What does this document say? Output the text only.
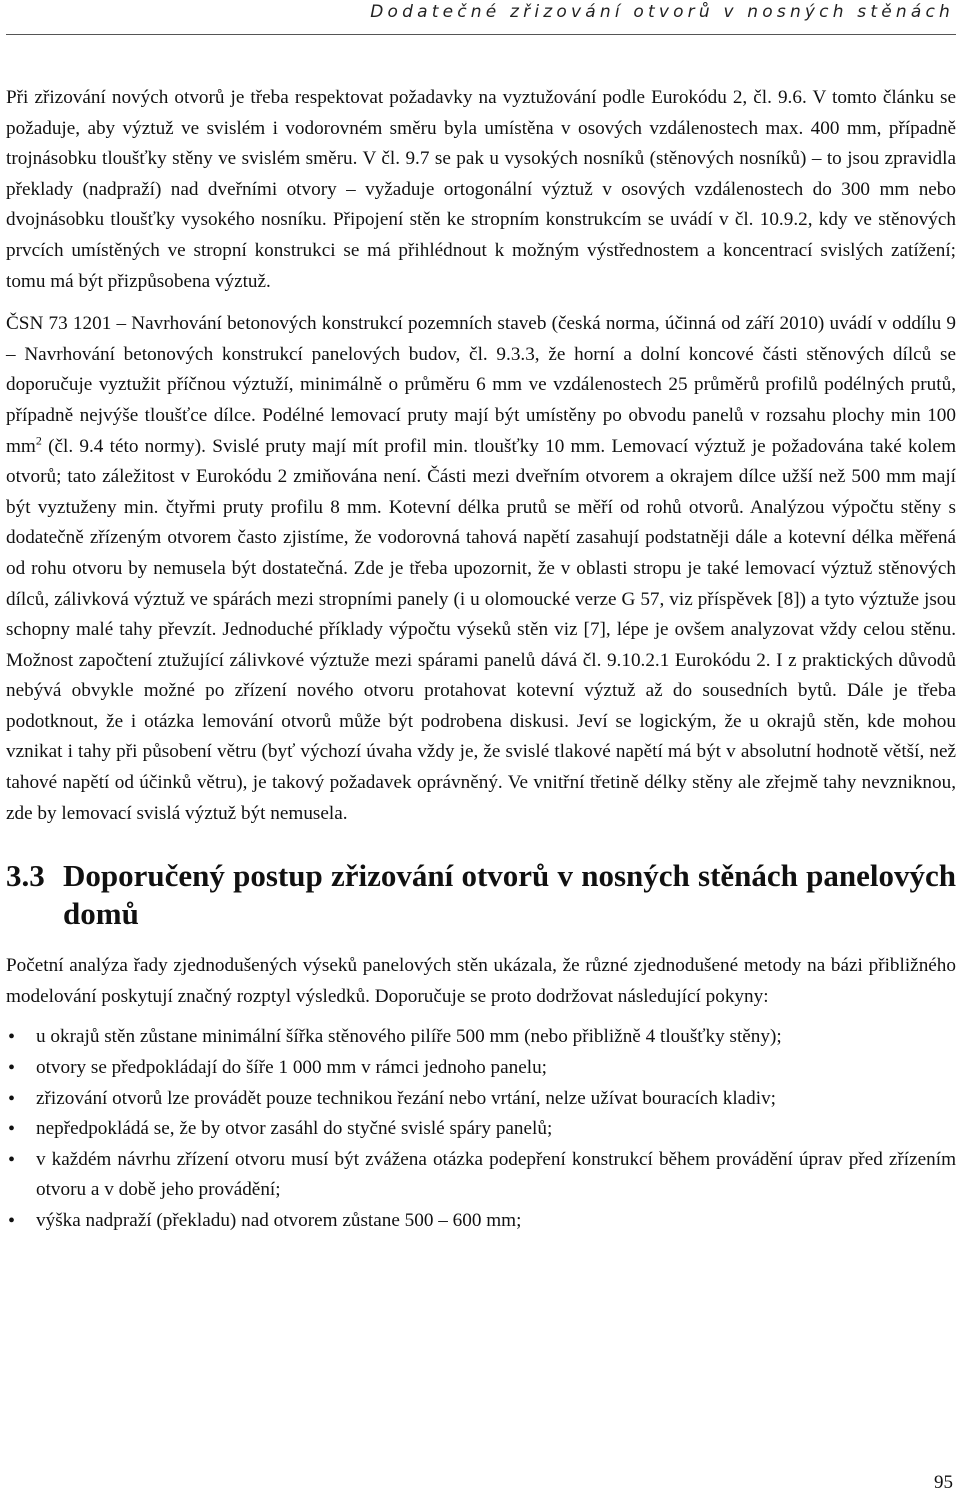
Dodatečné zřizování otvorů v nosných stěnách

Při zřizování nových otvorů je třeba respektovat požadavky na vyztužování podle Eurokódu 2, čl. 9.6. V tomto článku se požaduje, aby výztuž ve svislém i vodorovném směru byla umístěna v osových vzdálenostech max. 400 mm, případně trojnásobku tloušťky stěny ve svislém směru. V čl. 9.7 se pak u vysokých nosníků (stěnových nosníků) – to jsou zpravidla překlady (nadpraží) nad dveřními otvory – vyžaduje ortogonální výztuž v osových vzdálenostech do 300 mm nebo dvojnásobku tloušťky vysokého nosníku. Připojení stěn ke stropním konstrukcím se uvádí v čl. 10.9.2, kdy ve stěnových prvcích umístěných ve stropní konstrukci se má přihlédnout k možným výstřednostem a koncentrací svislých zatížení; tomu má být přizpůsobena výztuž.

ČSN 73 1201 – Navrhování betonových konstrukcí pozemních staveb (česká norma, účinná od září 2010) uvádí v oddílu 9 – Navrhování betonových konstrukcí panelových budov, čl. 9.3.3, že horní a dolní koncové části stěnových dílců se doporučuje vyztužit příčnou výztuží, minimálně o průměru 6 mm ve vzdálenostech 25 průměrů profilů podélných prutů, případně nejvýše tloušťce dílce. Podélné lemovací pruty mají být umístěny po obvodu panelů v rozsahu plochy min 100 $mm^2$ (čl. 9.4 této normy). Svislé pruty mají mít profil min. tloušťky 10 mm. Lemovací výztuž je požadována také kolem otvorů; tato záležitost v Eurokódu 2 zmiňována není. Části mezi dveřním otvorem a okrajem dílce užší než 500 mm mají být vyztuženy min. čtyřmi pruty profilu 8 mm. Kotevní délka prutů se měří od rohů otvorů. Analýzou výpočtu stěny s dodatečně zřízeným otvorem často zjistíme, že vodorovná tahová napětí zasahují podstatněji dále a kotevní délka měřená od rohu otvoru by nemusela být dostatečná. Zde je třeba upozornit, že v oblasti stropu je také lemovací výztuž stěnových dílců, zálivková výztuž ve spárách mezi stropními panely (i u olomoucké verze G 57, viz příspěvek [8]) a tyto výztuže jsou schopny malé tahy převzít. Jednoduché příklady výpočtu výseků stěn viz [7], lépe je ovšem analyzovat vždy celou stěnu. Možnost započtení ztužující zálivkové výztuže mezi spárami panelů dává čl. 9.10.2.1 Eurokódu 2. I z praktických důvodů nebývá obvykle možné po zřízení nového otvoru protahovat kotevní výztuž až do sousedních bytů. Dále je třeba podotknout, že i otázka lemování otvorů může být podrobena diskusi. Jeví se logickým, že u okrajů stěn, kde mohou vznikat i tahy při působení větru (byť výchozí úvaha vždy je, že svislé tlakové napětí má být v absolutní hodnotě větší, než tahové napětí od účinků větru), je takový požadavek oprávněný. Ve vnitřní třetině délky stěny ale zřejmě tahy nevzniknou, zde by lemovací svislá výztuž být nemusela.

3.3 Doporučený postup zřizování otvorů v nosných stěnách panelových domů

Početní analýza řady zjednodušených výseků panelových stěn ukázala, že různé zjednodušené metody na bázi přibližného modelování poskytují značný rozptyl výsledků. Doporučuje se proto dodržovat následující pokyny:

• u okrajů stěn zůstane minimální šířka stěnového pilíře 500 mm (nebo přibližně 4 tloušťky stěny);
• otvory se předpokládají do šíře 1 000 mm v rámci jednoho panelu;
• zřizování otvorů lze provádět pouze technikou řezání nebo vrtání, nelze užívat bouracích kladiv;
• nepředpokládá se, že by otvor zasáhl do styčné svislé spáry panelů;
• v každém návrhu zřízení otvoru musí být zvážena otázka podepření konstrukcí během provádění úprav před zřízením otvoru a v době jeho provádění;
• výška nadpraží (překladu) nad otvorem zůstane 500 – 600 mm;
95
